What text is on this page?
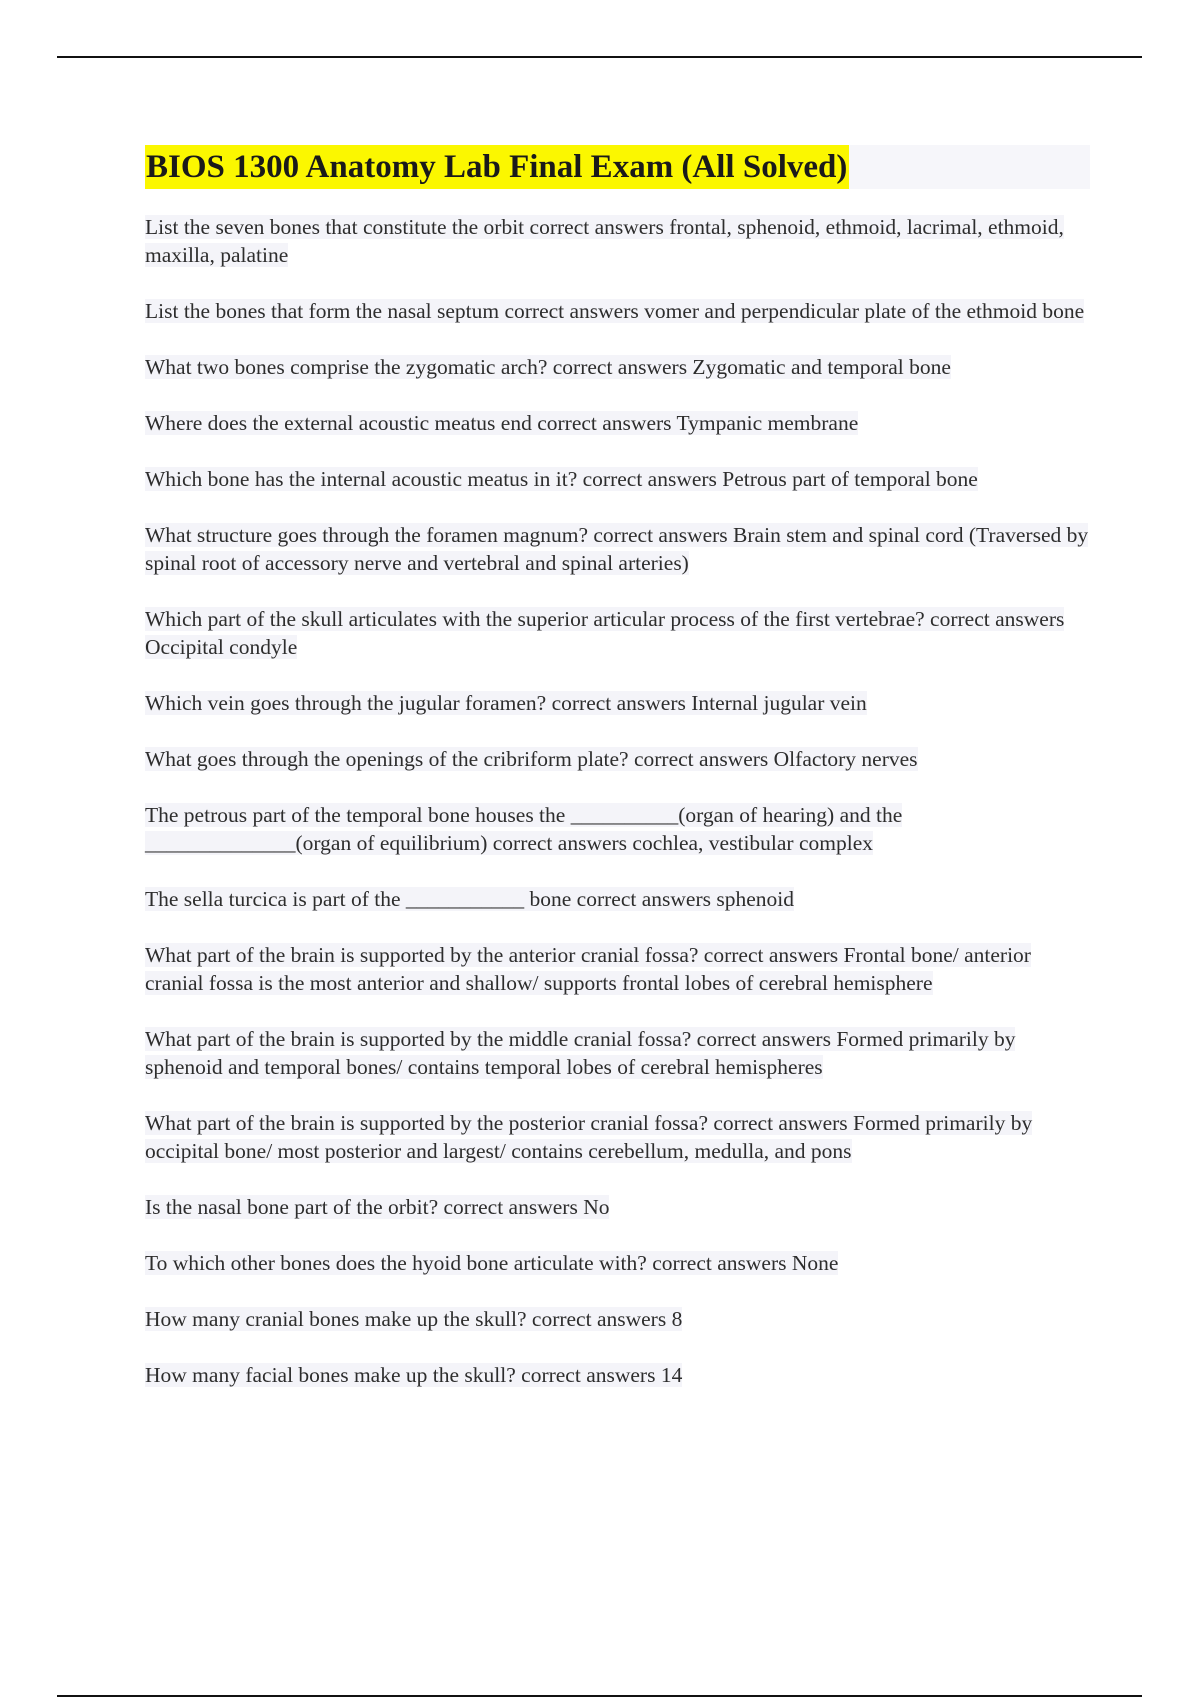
BIOS 1300 Anatomy Lab Final Exam (All Solved)

List the seven bones that constitute the orbit correct answers frontal, sphenoid, ethmoid, lacrimal, ethmoid, maxilla, palatine

List the bones that form the nasal septum correct answers vomer and perpendicular plate of the ethmoid bone

What two bones comprise the zygomatic arch? correct answers Zygomatic and temporal bone

Where does the external acoustic meatus end correct answers Tympanic membrane

Which bone has the internal acoustic meatus in it? correct answers Petrous part of temporal bone

What structure goes through the foramen magnum? correct answers Brain stem and spinal cord (Traversed by spinal root of accessory nerve and vertebral and spinal arteries)

Which part of the skull articulates with the superior articular process of the first vertebrae? correct answers Occipital condyle

Which vein goes through the jugular foramen? correct answers Internal jugular vein

What goes through the openings of the cribriform plate? correct answers Olfactory nerves

The petrous part of the temporal bone houses the __________(organ of hearing) and the ______________(organ of equilibrium) correct answers cochlea, vestibular complex

The sella turcica is part of the ___________ bone correct answers sphenoid

What part of the brain is supported by the anterior cranial fossa? correct answers Frontal bone/ anterior cranial fossa is the most anterior and shallow/ supports frontal lobes of cerebral hemisphere

What part of the brain is supported by the middle cranial fossa? correct answers Formed primarily by sphenoid and temporal bones/ contains temporal lobes of cerebral hemispheres

What part of the brain is supported by the posterior cranial fossa? correct answers Formed primarily by occipital bone/ most posterior and largest/ contains cerebellum, medulla, and pons

Is the nasal bone part of the orbit? correct answers No

To which other bones does the hyoid bone articulate with? correct answers None

How many cranial bones make up the skull? correct answers 8

How many facial bones make up the skull? correct answers 14
